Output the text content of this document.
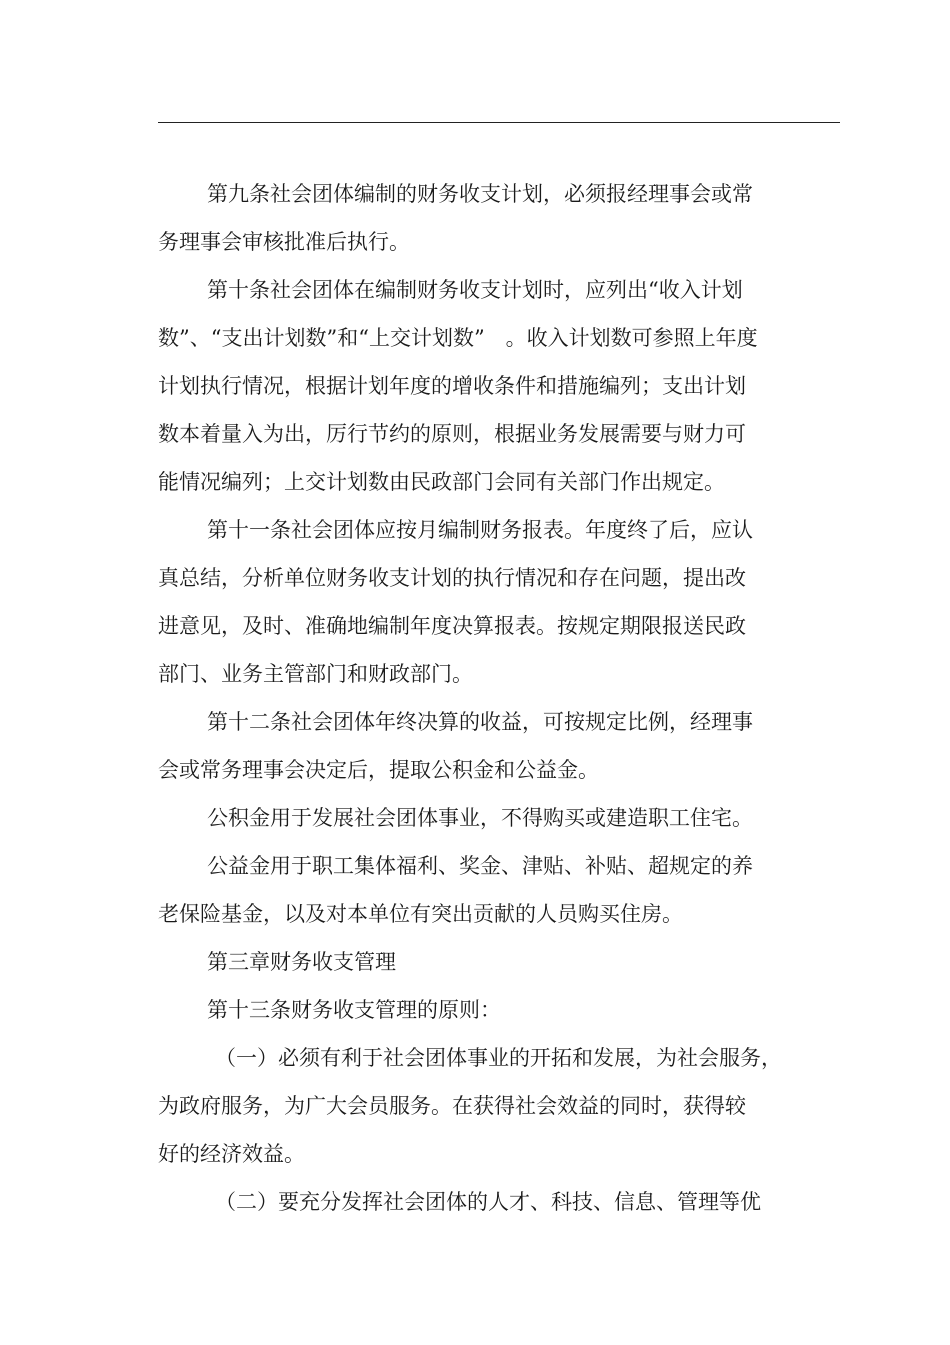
第九条社会团体编制的财务收支计划，必须报经理事会或常
务理事会审核批准后执行。
第十条社会团体在编制财务收支计划时，应列出“收入计划
数”、“支出计划数”和“上交计划数”　。收入计划数可参照上年度
计划执行情况，根据计划年度的增收条件和措施编列；支出计划
数本着量入为出，厉行节约的原则，根据业务发展需要与财力可
能情况编列；上交计划数由民政部门会同有关部门作出规定。
第十一条社会团体应按月编制财务报表。年度终了后，应认
真总结，分析单位财务收支计划的执行情况和存在问题，提出改
进意见，及时、准确地编制年度决算报表。按规定期限报送民政
部门、业务主管部门和财政部门。
第十二条社会团体年终决算的收益，可按规定比例，经理事
会或常务理事会决定后，提取公积金和公益金。
公积金用于发展社会团体事业，不得购买或建造职工住宅。
公益金用于职工集体福利、奖金、津贴、补贴、超规定的养
老保险基金，以及对本单位有突出贡献的人员购买住房。
第三章财务收支管理
第十三条财务收支管理的原则：
（一）必须有利于社会团体事业的开拓和发展，为社会服务，
为政府服务，为广大会员服务。在获得社会效益的同时，获得较
好的经济效益。
（二）要充分发挥社会团体的人才、科技、信息、管理等优
